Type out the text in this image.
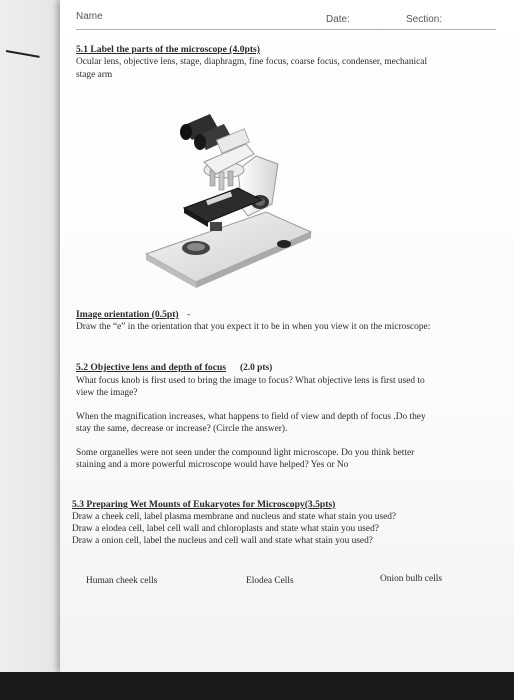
Name	Date:	Section:
5.1 Label the parts of the microscope (4.0pts)
Ocular lens, objective lens, stage, diaphragm, fine focus, coarse focus, condenser, mechanical
stage arm
Image orientation (0.5pt) -
Draw the “e” in the orientation that you expect it to be in when you view it on the microscope:
5.2 Objective lens and depth of focus (2.0 pts)
What focus knob is first used to bring the image to focus? What objective lens is first used to
view the image?
When the magnification increases, what happens to field of view and depth of focus .Do they
stay the same, decrease or increase? (Circle the answer).
Some organelles were not seen under the compound light microscope. Do you think better
staining and a more powerful microscope would have helped? Yes or No
5.3 Preparing Wet Mounts of Eukaryotes for Microscopy(3.5pts)
Draw a cheek cell, label plasma membrane and nucleus and state what stain you used?
Draw a elodea cell, label cell wall and chloroplasts and state what stain you used?
Draw a onion cell, label the nucleus and cell wall and state what stain you used?
Human cheek cells	Elodea Cells	Onion bulb cells
